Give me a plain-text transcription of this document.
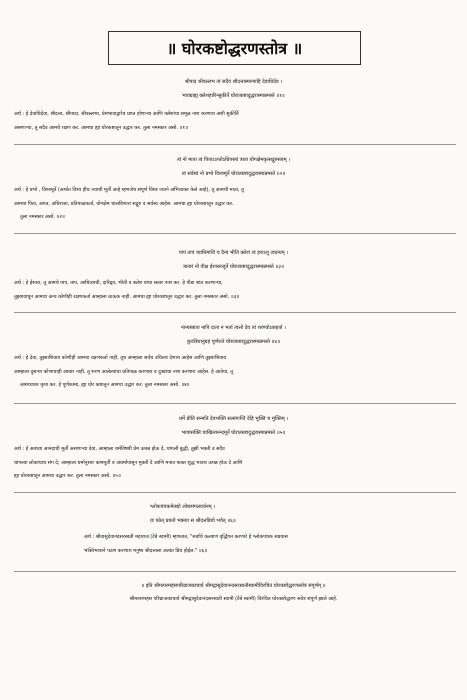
॥ घोरकष्टोद्धरणस्तोत्र ॥
श्रीपाद श्रीवल्लभ त्वं सदैव श्रीदत्तास्मान्पाहि देवाधिदेव ।
भावग्राह्य क्लेशहारिन्सुकीर्ते घोरात्कष्टादुद्धरास्मान्नमस्ते ॥१॥
अर्थ : हे देवाधिदेवा, श्रीदत्ता, श्रीपादा, श्रीवल्लभा, प्रेमभावाद्वारेच प्राप्त होणाऱ्या आणि क्लेशांचा समूळ नाश करणारा अशी सुकीर्ति
असणाऱ्या, तू सदैव आमचे रक्षण कर. आमचा ह्या घोरकष्टातून उद्धार कर. तुला नमस्कार असो. ॥१॥
त्वं नो माता त्वं पिताऽऽप्तोऽधिपस्त्वं त्राता योगक्षेमकृत्सद्गुरुस्त्वम् ।
त्वं सर्वस्वं नो प्रभो विश्वमूर्ते घोरात्कष्टादुद्धरास्मान्नमस्ते ॥२॥
अर्थ : हे प्रभो , विश्वमूर्ते (अर्थात विश्व हीच ज्याची मूर्ती आहे म्हणजेच संपूर्ण विश्व ज्याने अभिव्यक्त केले आहे), तू आमची माता, तू
आमचा पिता, आप्त, अधिराजा, प्रतिपाळकर्ता, योगक्षेम चालविणारा सद्गुरु व सर्वस्व आहेस. आमचा ह्या घोरकष्टातून उद्धार कर.
तुला नमस्कार असो. ॥२॥
पापं तापं व्याधिमाधिं च दैन्यं भीतिं क्लेशं त्वं हराऽशु त्वदन्यम् ।
त्रातारं नो वीक्ष ईशास्तजूर्ते घोरात्कष्टादुद्धरास्मान्नमस्ते ॥३॥
अर्थ : हे ईश्वरा, तू आमचे पाप, ताप, आधिव्याधी, दारिद्र्य, भीती व क्लेश यांचा सत्वर नाश कर. हे पीडा शांत करणाऱ्या,
तुझ्यावाचून आमचा अन्य कोणीही रक्षणकर्ता आम्हाला ठाऊक नाही. आमचा ह्या घोरकष्टातून उद्धार कर. तुला नमस्कार असो. ॥३॥
नान्यस्त्राता नापि दाता न भर्ता त्वत्तो देव त्वं शरण्योऽकहर्ता ।
कुर्वात्रेयानुग्रहं पूर्णराते घोरात्कष्टादुद्धरास्मान्नमस्ते ॥४॥
अर्थ : हे देवा, तुझ्याशिवाय कोणीही आमचा रक्षणकर्ता नाही, तूच आम्हाला सर्वच उचितच देणारा आहेस आणि तुझ्याशिवाय
आम्हाला दुसऱ्या कोणाचाही आधार नाही. तू शरण आलेल्यांचा प्रतिपाळ करणारा व दुःखांचा नाश करणारा आहेस. हे आत्रेया, तू
आमच्यावर कृपा कर. हे पूर्णकामा, ह्या घोर कष्टातून आमचा उद्धार कर. तुला नमस्कार असो. ॥४॥
धर्मे प्रीतिं सन्मतिं देवभक्तिं सत्संगाप्तिं देहि भुक्तिं च मुक्तिम् ।
भावासक्तिं चाखिलानन्दमूर्ते घोरात्कष्टादुद्धरास्मान्नमस्ते ॥५॥
अर्थ : हे अवध्या आनंदाची मूर्ती असणाऱ्या देवा, आम्हाला धर्मविषयी प्रेम उत्पन्न होऊ दे, चांगली बुद्धी, तुझी भक्ती व सदैव
चांगल्या लोकांचाच संग दे; आम्हाला धर्मानुसार कामपूर्ती व अधर्मापासून मुक्ती दे आणि मनात फक्त शुद्ध भावच उत्पन्न होऊ दे आणि
ह्या घोरकष्टातून आमचा उद्धार कर. तुला नमस्कार असो. ॥५॥
श्लोकपंचकमेतद्यो लोकमंगलवर्धनम् ।
यः पठेत् प्रयतो भक्त्या स श्रीदत्तप्रियो भवेत् ॥६॥
अर्थ : श्रीवासुदेवानंदसरस्वती महाराज (टेंबे स्वामी) म्हणतात, "सर्वांचे कल्याण वृद्धिंगत करणारे हे श्लोकपंचक सप्रयास
भक्तिभावाने पठण करणारा मनुष्य श्रीदत्ताला अत्यंत प्रिय होईल." ॥६॥
॥ इति श्रीमत्परमहंसपरिव्राजकाचार्य श्रीमद्वासुदेवानन्दसरस्वतीस्वामीविरचितं घोरकष्टोद्धरणस्तोत्रं संपूर्णम् ॥
श्रीमत्परमहंस परिव्राजकाचार्य श्रीमद्वासुदेवानंदसरस्वती स्वामी (टेंबे स्वामी) विरचित घोरकष्टोद्धरण स्तोत्र संपूर्ण झाले आहे.
